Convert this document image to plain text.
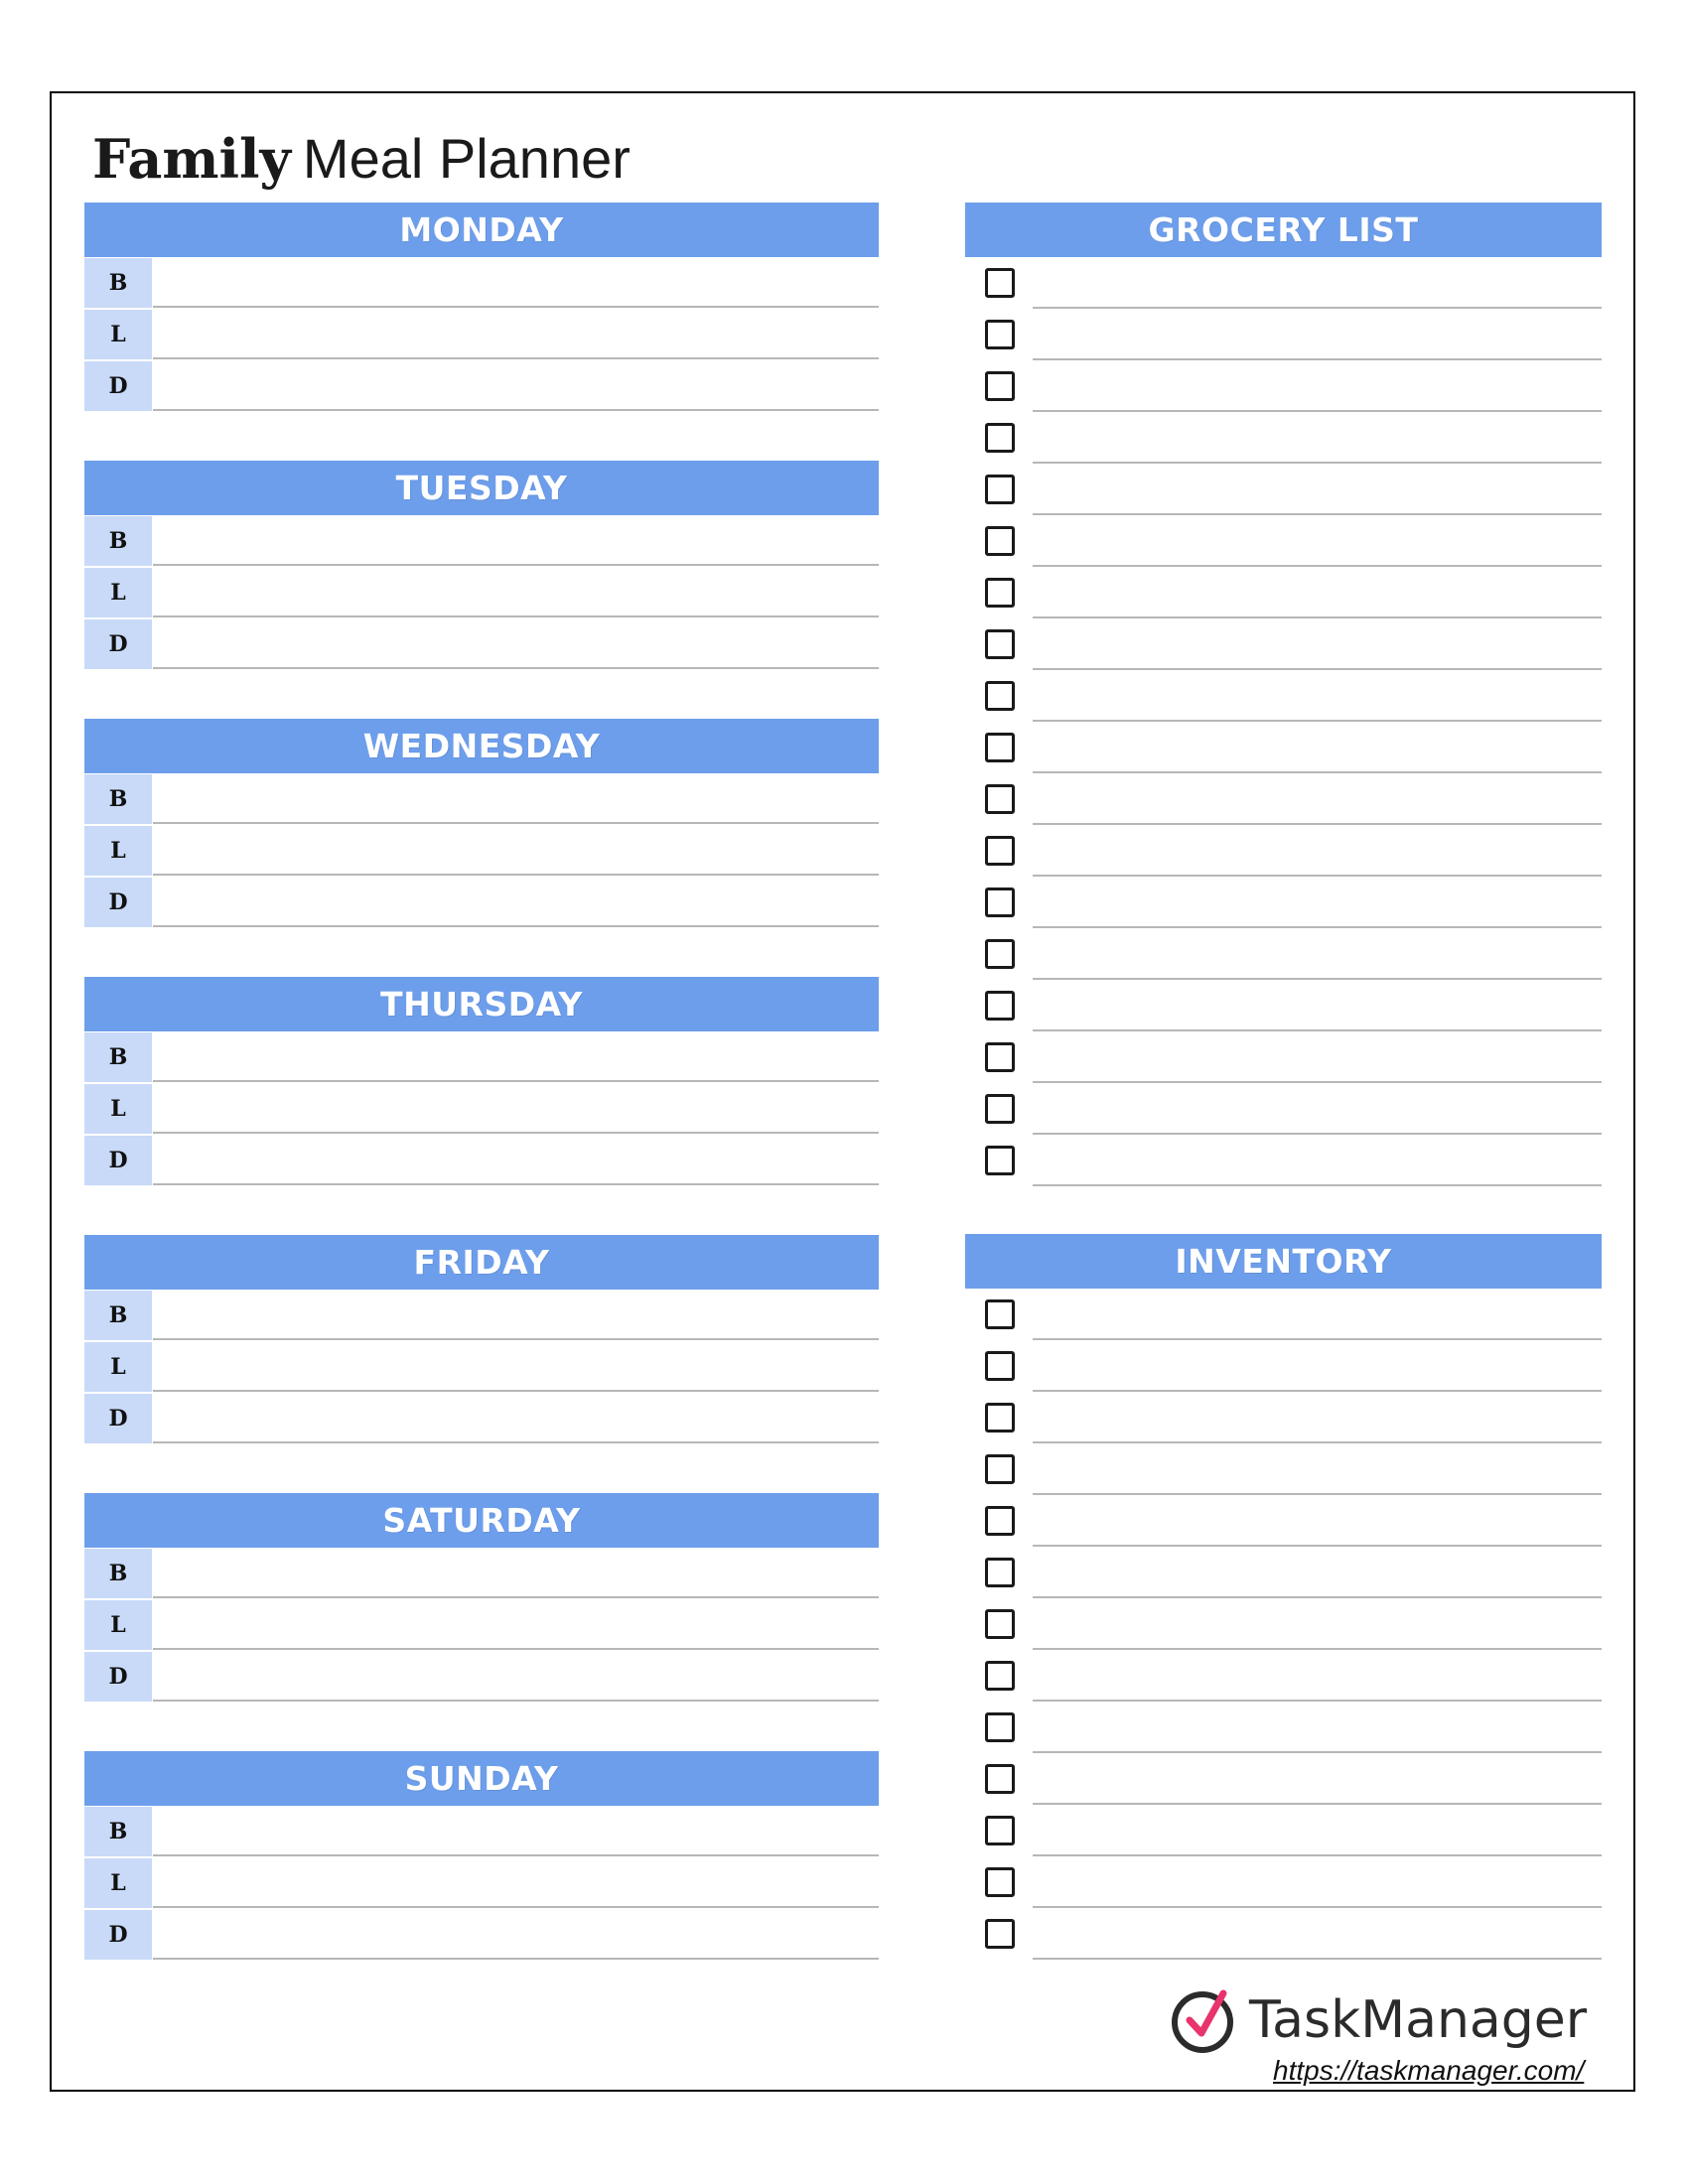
Family Meal Planner
MONDAY
B
L
D
TUESDAY
B
L
D
WEDNESDAY
B
L
D
THURSDAY
B
L
D
FRIDAY
B
L
D
SATURDAY
B
L
D
SUNDAY
B
L
D
GROCERY LIST
INVENTORY
TaskManager
https://taskmanager.com/
